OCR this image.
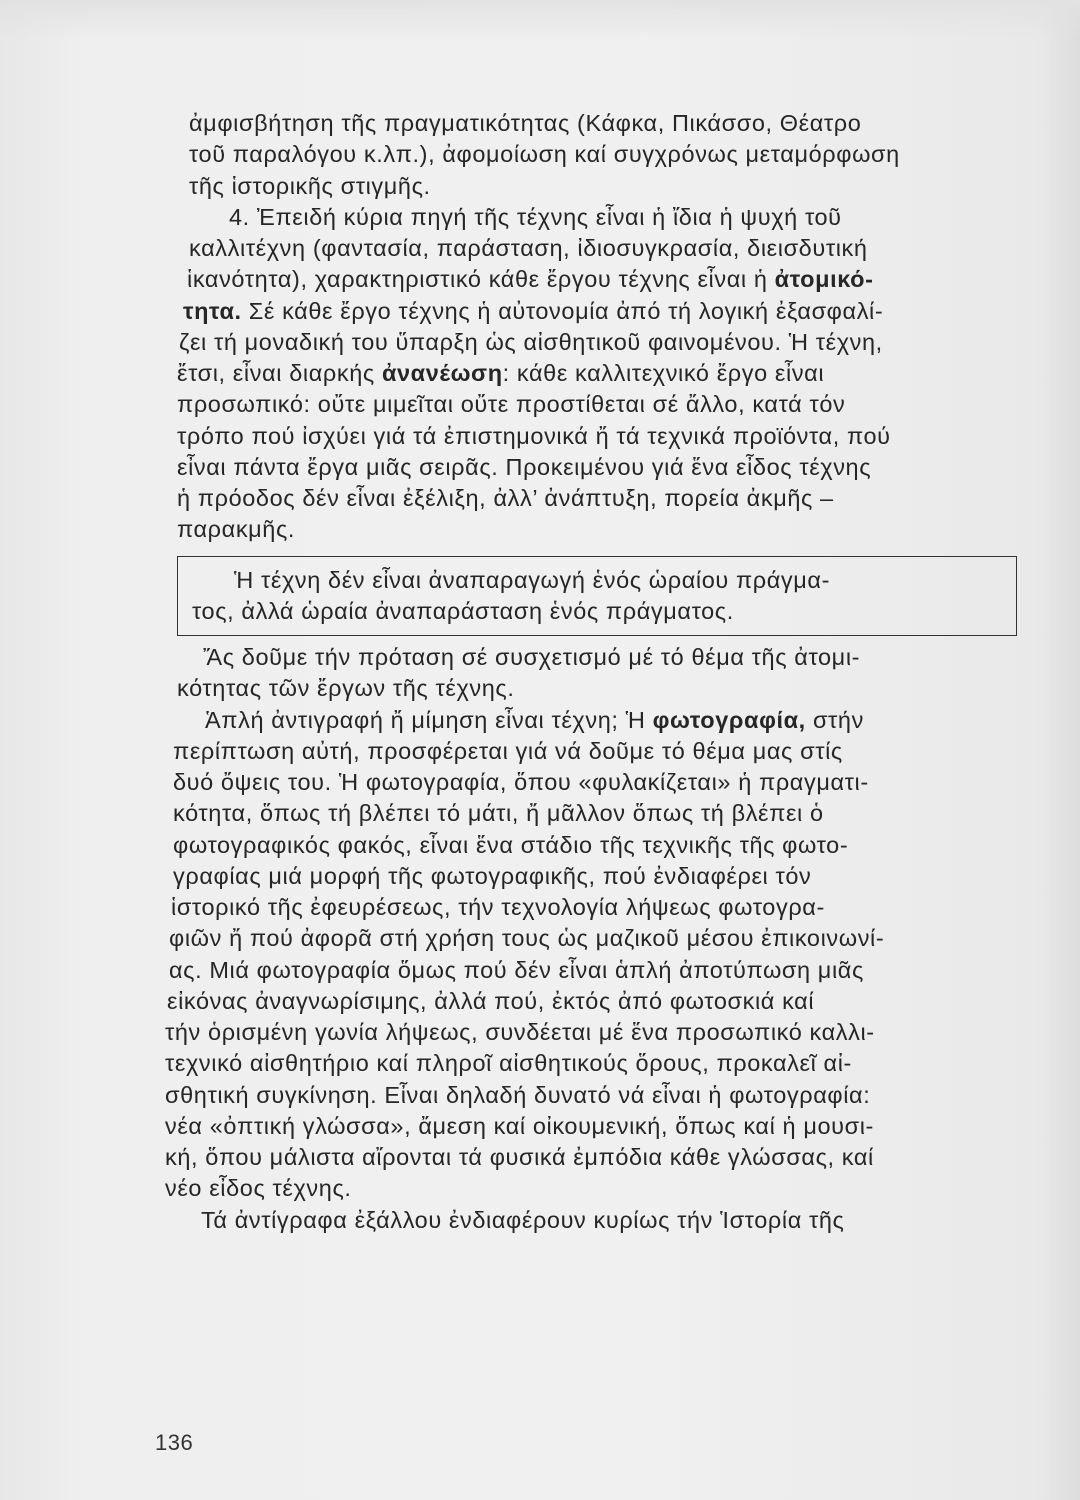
ἀμφισβήτηση τῆς πραγματικότητας (Κάφκα, Πικάσσο, Θέατρο
τοῦ παραλόγου κ.λπ.), ἀφομοίωση καί συγχρόνως μεταμόρφωση
τῆς ἱστορικῆς στιγμῆς.
4. Ἐπειδή κύρια πηγή τῆς τέχνης εἶναι ἡ ἴδια ἡ ψυχή τοῦ
καλλιτέχνη (φαντασία, παράσταση, ἰδιοσυγκρασία, διεισδυτική
ἱκανότητα), χαρακτηριστικό κάθε ἔργου τέχνης εἶναι ἡ ἀτομικό-
τητα. Σέ κάθε ἔργο τέχνης ἡ αὐτονομία ἀπό τή λογική ἐξασφαλί-
ζει τή μοναδική του ὕπαρξη ὡς αἰσθητικοῦ φαινομένου. Ἡ τέχνη,
ἔτσι, εἶναι διαρκής ἀνανέωση: κάθε καλλιτεχνικό ἔργο εἶναι
προσωπικό: οὔτε μιμεῖται οὔτε προστίθεται σέ ἄλλο, κατά τόν
τρόπο πού ἰσχύει γιά τά ἐπιστημονικά ἤ τά τεχνικά προϊόντα, πού
εἶναι πάντα ἔργα μιᾶς σειρᾶς. Προκειμένου γιά ἕνα εἶδος τέχνης
ἡ πρόοδος δέν εἶναι ἐξέλιξη, ἀλλ’ ἀνάπτυξη, πορεία ἀκμῆς –
παρακμῆς.
Ἡ τέχνη δέν εἶναι ἀναπαραγωγή ἑνός ὡραίου πράγμα-
τος, ἀλλά ὡραία ἀναπαράσταση ἑνός πράγματος.
Ἄς δοῦμε τήν πρόταση σέ συσχετισμό μέ τό θέμα τῆς ἀτομι-
κότητας τῶν ἔργων τῆς τέχνης.
Ἁπλή ἀντιγραφή ἤ μίμηση εἶναι τέχνη; Ἡ φωτογραφία, στήν
περίπτωση αὐτή, προσφέρεται γιά νά δοῦμε τό θέμα μας στίς
δυό ὄψεις του. Ἡ φωτογραφία, ὅπου «φυλακίζεται» ἡ πραγματι-
κότητα, ὅπως τή βλέπει τό μάτι, ἤ μᾶλλον ὅπως τή βλέπει ὁ
φωτογραφικός φακός, εἶναι ἕνα στάδιο τῆς τεχνικῆς τῆς φωτο-
γραφίας μιά μορφή τῆς φωτογραφικῆς, πού ἐνδιαφέρει τόν
ἱστορικό τῆς ἐφευρέσεως, τήν τεχνολογία λήψεως φωτογρα-
φιῶν ἤ πού ἀφορᾶ στή χρήση τους ὡς μαζικοῦ μέσου ἐπικοινωνί-
ας. Μιά φωτογραφία ὅμως πού δέν εἶναι ἁπλή ἀποτύπωση μιᾶς
εἰκόνας ἀναγνωρίσιμης, ἀλλά πού, ἐκτός ἀπό φωτοσκιά καί
τήν ὁρισμένη γωνία λήψεως, συνδέεται μέ ἕνα προσωπικό καλλι-
τεχνικό αἰσθητήριο καί πληροῖ αἰσθητικούς ὅρους, προκαλεῖ αἰ-
σθητική συγκίνηση. Εἶναι δηλαδή δυνατό νά εἶναι ἡ φωτογραφία:
νέα «ὀπτική γλώσσα», ἄμεση καί οἰκουμενική, ὅπως καί ἡ μουσι-
κή, ὅπου μάλιστα αἴρονται τά φυσικά ἐμπόδια κάθε γλώσσας, καί
νέο εἶδος τέχνης.
Τά ἀντίγραφα ἐξάλλου ἐνδιαφέρουν κυρίως τήν Ἱστορία τῆς
136
